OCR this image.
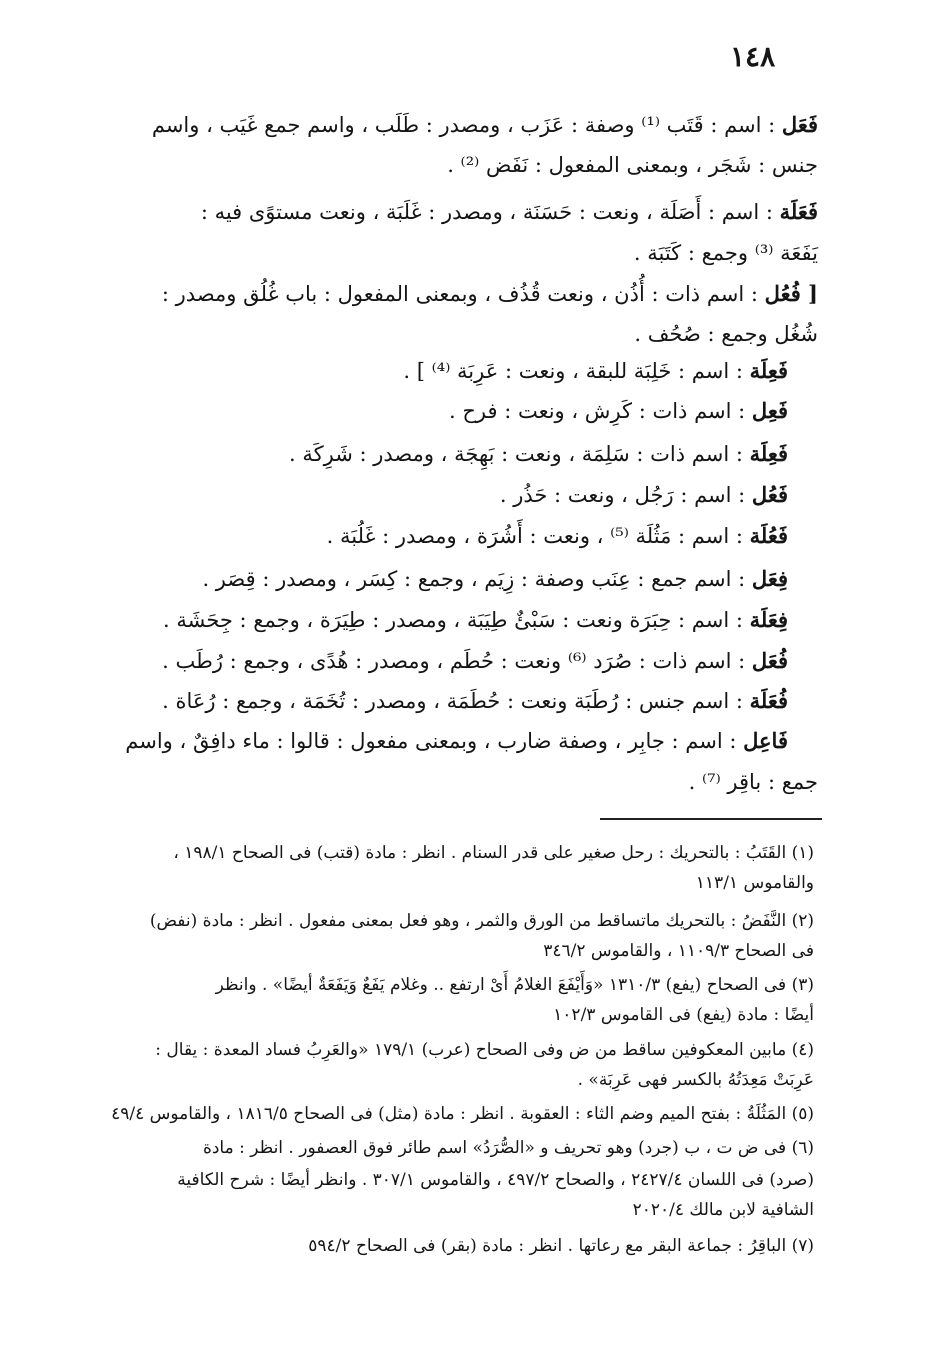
١٤٨
فَعَل : اسم : قَتَب ⁽¹⁾ وصفة : عَزَب ، ومصدر : طَلَب ، واسم جمع غَيَب ، واسم
جنس : شَجَر ، وبمعنى المفعول : نَفَض ⁽²⁾ .
فَعَلَة : اسم : أَصَلَة ، ونعت : حَسَنَة ، ومصدر : غَلَبَة ، ونعت مستوًى فيه :
يَفَعَة ⁽³⁾ وجمع : كَتَبَة .
[ فُعُل : اسم ذات : أُذُن ، ونعت قُذُف ، وبمعنى المفعول : باب غُلُق ومصدر :
شُغُل وجمع : صُحُف .
فَعِلَة : اسم : خَلِبَة للبقة ، ونعت : عَرِبَة ⁽⁴⁾ ] .
فَعِل : اسم ذات : كَرِش ، ونعت : فرح .
فَعِلَة : اسم ذات : سَلِمَة ، ونعت : بَهِجَة ، ومصدر : شَرِكَة .
فَعُل : اسم : رَجُل ، ونعت : حَذُر .
فَعُلَة : اسم : مَثُلَة ⁽⁵⁾ ، ونعت : أَشُرَة ، ومصدر : غَلُبَة .
فِعَل : اسم جمع : عِنَب وصفة : زِيَم ، وجمع : كِسَر ، ومصدر : قِصَر .
فِعَلَة : اسم : حِبَرَة ونعت : سَبْئٌ طِيَبَة ، ومصدر : طِيَرَة ، وجمع : جِحَشَة .
فُعَل : اسم ذات : صُرَد ⁽⁶⁾ ونعت : حُطَم ، ومصدر : هُدًى ، وجمع : رُطَب .
فُعَلَة : اسم جنس : رُطَبَة ونعت : حُطَمَة ، ومصدر : تُخَمَة ، وجمع : رُعَاة .
فَاعِل : اسم : جابِر ، وصفة ضارب ، وبمعنى مفعول : قالوا : ماء دافِقٌ ، واسم
جمع : باقِر ⁽⁷⁾ .
(١) القَتَبُ : بالتحريك : رحل صغير على قدر السنام . انظر : مادة (قتب) فى الصحاح ١٩٨/١ ،
والقاموس ١١٣/١
(٢) النَّفَضُ : بالتحريك ماتساقط من الورق والثمر ، وهو فعل بمعنى مفعول . انظر : مادة (نفض)
فى الصحاح ١١٠٩/٣ ، والقاموس ٣٤٦/٢
(٣) فى الصحاح (يفع) ١٣١٠/٣ «وَأَيْفَعَ الغلامُ أَىْ ارتفع .. وغلام يَفَعٌ وَيَفَعَةٌ أيضًا» . وانظر
أيضًا : مادة (يفع) فى القاموس ١٠٢/٣
(٤) مابين المعكوفين ساقط من ض وفى الصحاح (عرب) ١٧٩/١ «والعَرِبُ فساد المعدة : يقال :
عَرِبَتْ مَعِدَتُهُ بالكسر فهى عَرِبَة» .
(٥) المَثُلَةُ : بفتح الميم وضم الثاء : العقوبة . انظر : مادة (مثل) فى الصحاح ١٨١٦/٥ ، والقاموس ٤٩/٤
(٦) فى ض ت ، ب (جرد) وهو تحريف و «الصُّرَدُ» اسم طائر فوق العصفور . انظر : مادة
(صرد) فى اللسان ٢٤٢٧/٤ ، والصحاح ٤٩٧/٢ ، والقاموس ٣٠٧/١ . وانظر أيضًا : شرح الكافية
الشافية لابن مالك ٢٠٢٠/٤
(٧) الباقِرُ : جماعة البقر مع رعاتها . انظر : مادة (بقر) فى الصحاح ٥٩٤/٢
